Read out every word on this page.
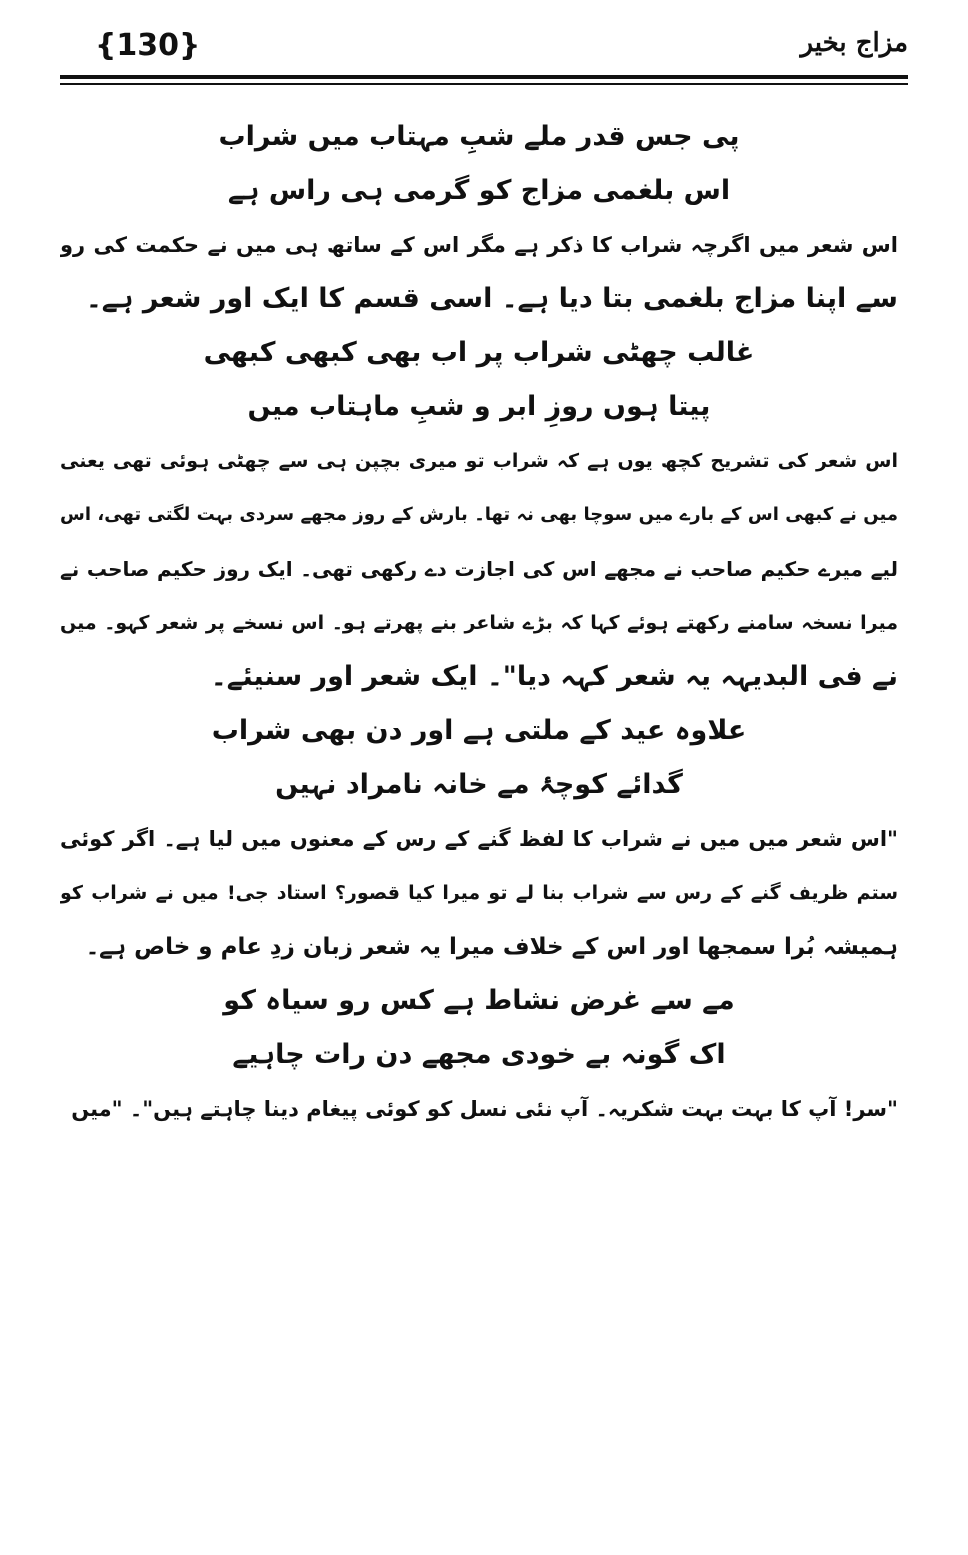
{130}	مزاج بخیر
پی جس قدر ملے شبِ مہتاب میں شراب
اس بلغمی مزاج کو گرمی ہی راس ہے
اس شعر میں اگرچہ شراب کا ذکر ہے مگر اس کے ساتھ ہی میں نے حکمت کی رو
سے اپنا مزاج بلغمی بتا دیا ہے۔ اسی قسم کا ایک اور شعر ہے۔
غالب چھٹی شراب پر اب بھی کبھی کبھی
پیتا ہوں روزِ ابر و شبِ ماہتاب میں
اس شعر کی تشریح کچھ یوں ہے کہ شراب تو میری بچپن ہی سے چھٹی ہوئی تھی یعنی
میں نے کبھی اس کے بارے میں سوچا بھی نہ تھا۔ بارش کے روز مجھے سردی بہت لگتی تھی، اس
لیے میرے حکیم صاحب نے مجھے اس کی اجازت دے رکھی تھی۔ ایک روز حکیم صاحب نے
میرا نسخہ سامنے رکھتے ہوئے کہا کہ بڑے شاعر بنے پھرتے ہو۔ اس نسخے پر شعر کہو۔ میں
نے فی البدیہہ یہ شعر کہہ دیا"۔ ایک شعر اور سنیئے۔
علاوہ عید کے ملتی ہے اور دن بھی شراب
گدائے کوچۂ مے خانہ نامراد نہیں
"اس شعر میں میں نے شراب کا لفظ گنے کے رس کے معنوں میں لیا ہے۔ اگر کوئی
ستم ظریف گنے کے رس سے شراب بنا لے تو میرا کیا قصور؟ استاد جی! میں نے شراب کو
ہمیشہ بُرا سمجھا اور اس کے خلاف میرا یہ شعر زبان زدِ عام و خاص ہے۔
مے سے غرض نشاط ہے کس رو سیاہ کو
اک گونہ بے خودی مجھے دن رات چاہیے
"سر! آپ کا بہت بہت شکریہ۔ آپ نئی نسل کو کوئی پیغام دینا چاہتے ہیں"۔ "میں
